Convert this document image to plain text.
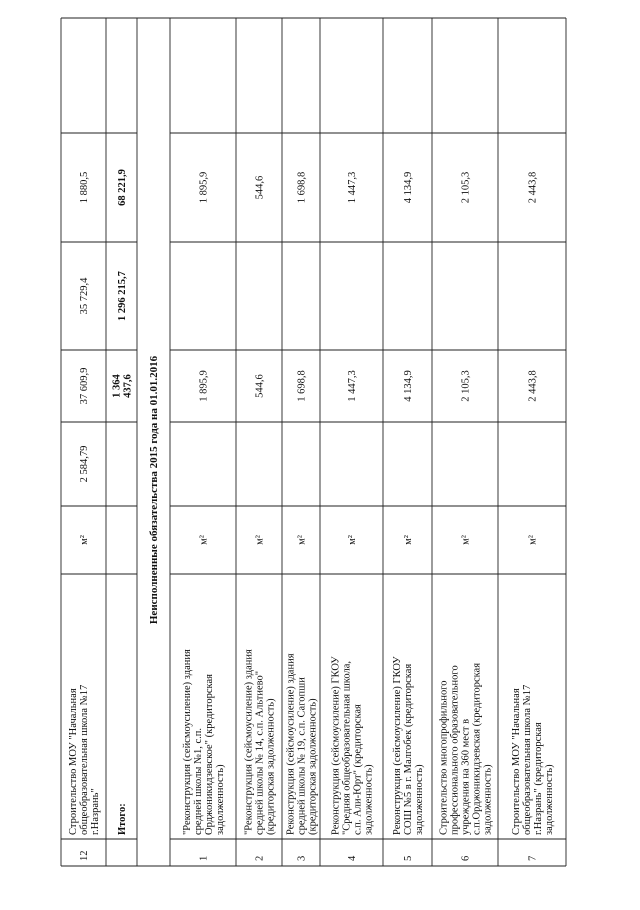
12
Строительство МОУ "Начальнаяобщеобразовательная школа №17г.Назрань"
м²
2 584,79
37 609,9
35 729,4
1 880,5
Итого:
1 364437,6
1 296 215,7
68 221,9
Неисполненные обязательства 2015 года на 01.01.2016
1
"Реконструкция (сейсмоусиление) зданиясредней школы №1, с.п.Орджоникидзевское" (кредиторскаязадолженность)
м²
1 895,9
1 895,9
2
"Реконструкция (сейсмоусиление) зданиясредней школы № 14, с.п. Альтиево"(кредиторская задолженность)
м²
544,6
544,6
3
Реконструкция (сейсмоусиление) зданиясредней школы № 19, с.п. Сагопши(кредиторская задолженность)
м²
1 698,8
1 698,8
4
Реконструкция (сейсмоусиление) ГКОУ"Средняя общеобразовательная школа,с.п. Али-Юрт" (кредиторскаязадолженность)
м²
1 447,3
1 447,3
5
Реконструкция (сейсмоусиление) ГКОУСОШ №5 в г. Малгобек (кредиторскаязадолженность)
м²
4 134,9
4 134,9
6
Строительство многопрофильногопрофессионального образовательногоучреждения на 360 мест вс.п.Орджоникидзевская (кредиторскаязадолженность)
м²
2 105,3
2 105,3
7
Строительство МОУ "Начальнаяобщеобразовательная школа №17г.Назрань" (кредиторскаязадолженность)
м²
2 443,8
2 443,8
